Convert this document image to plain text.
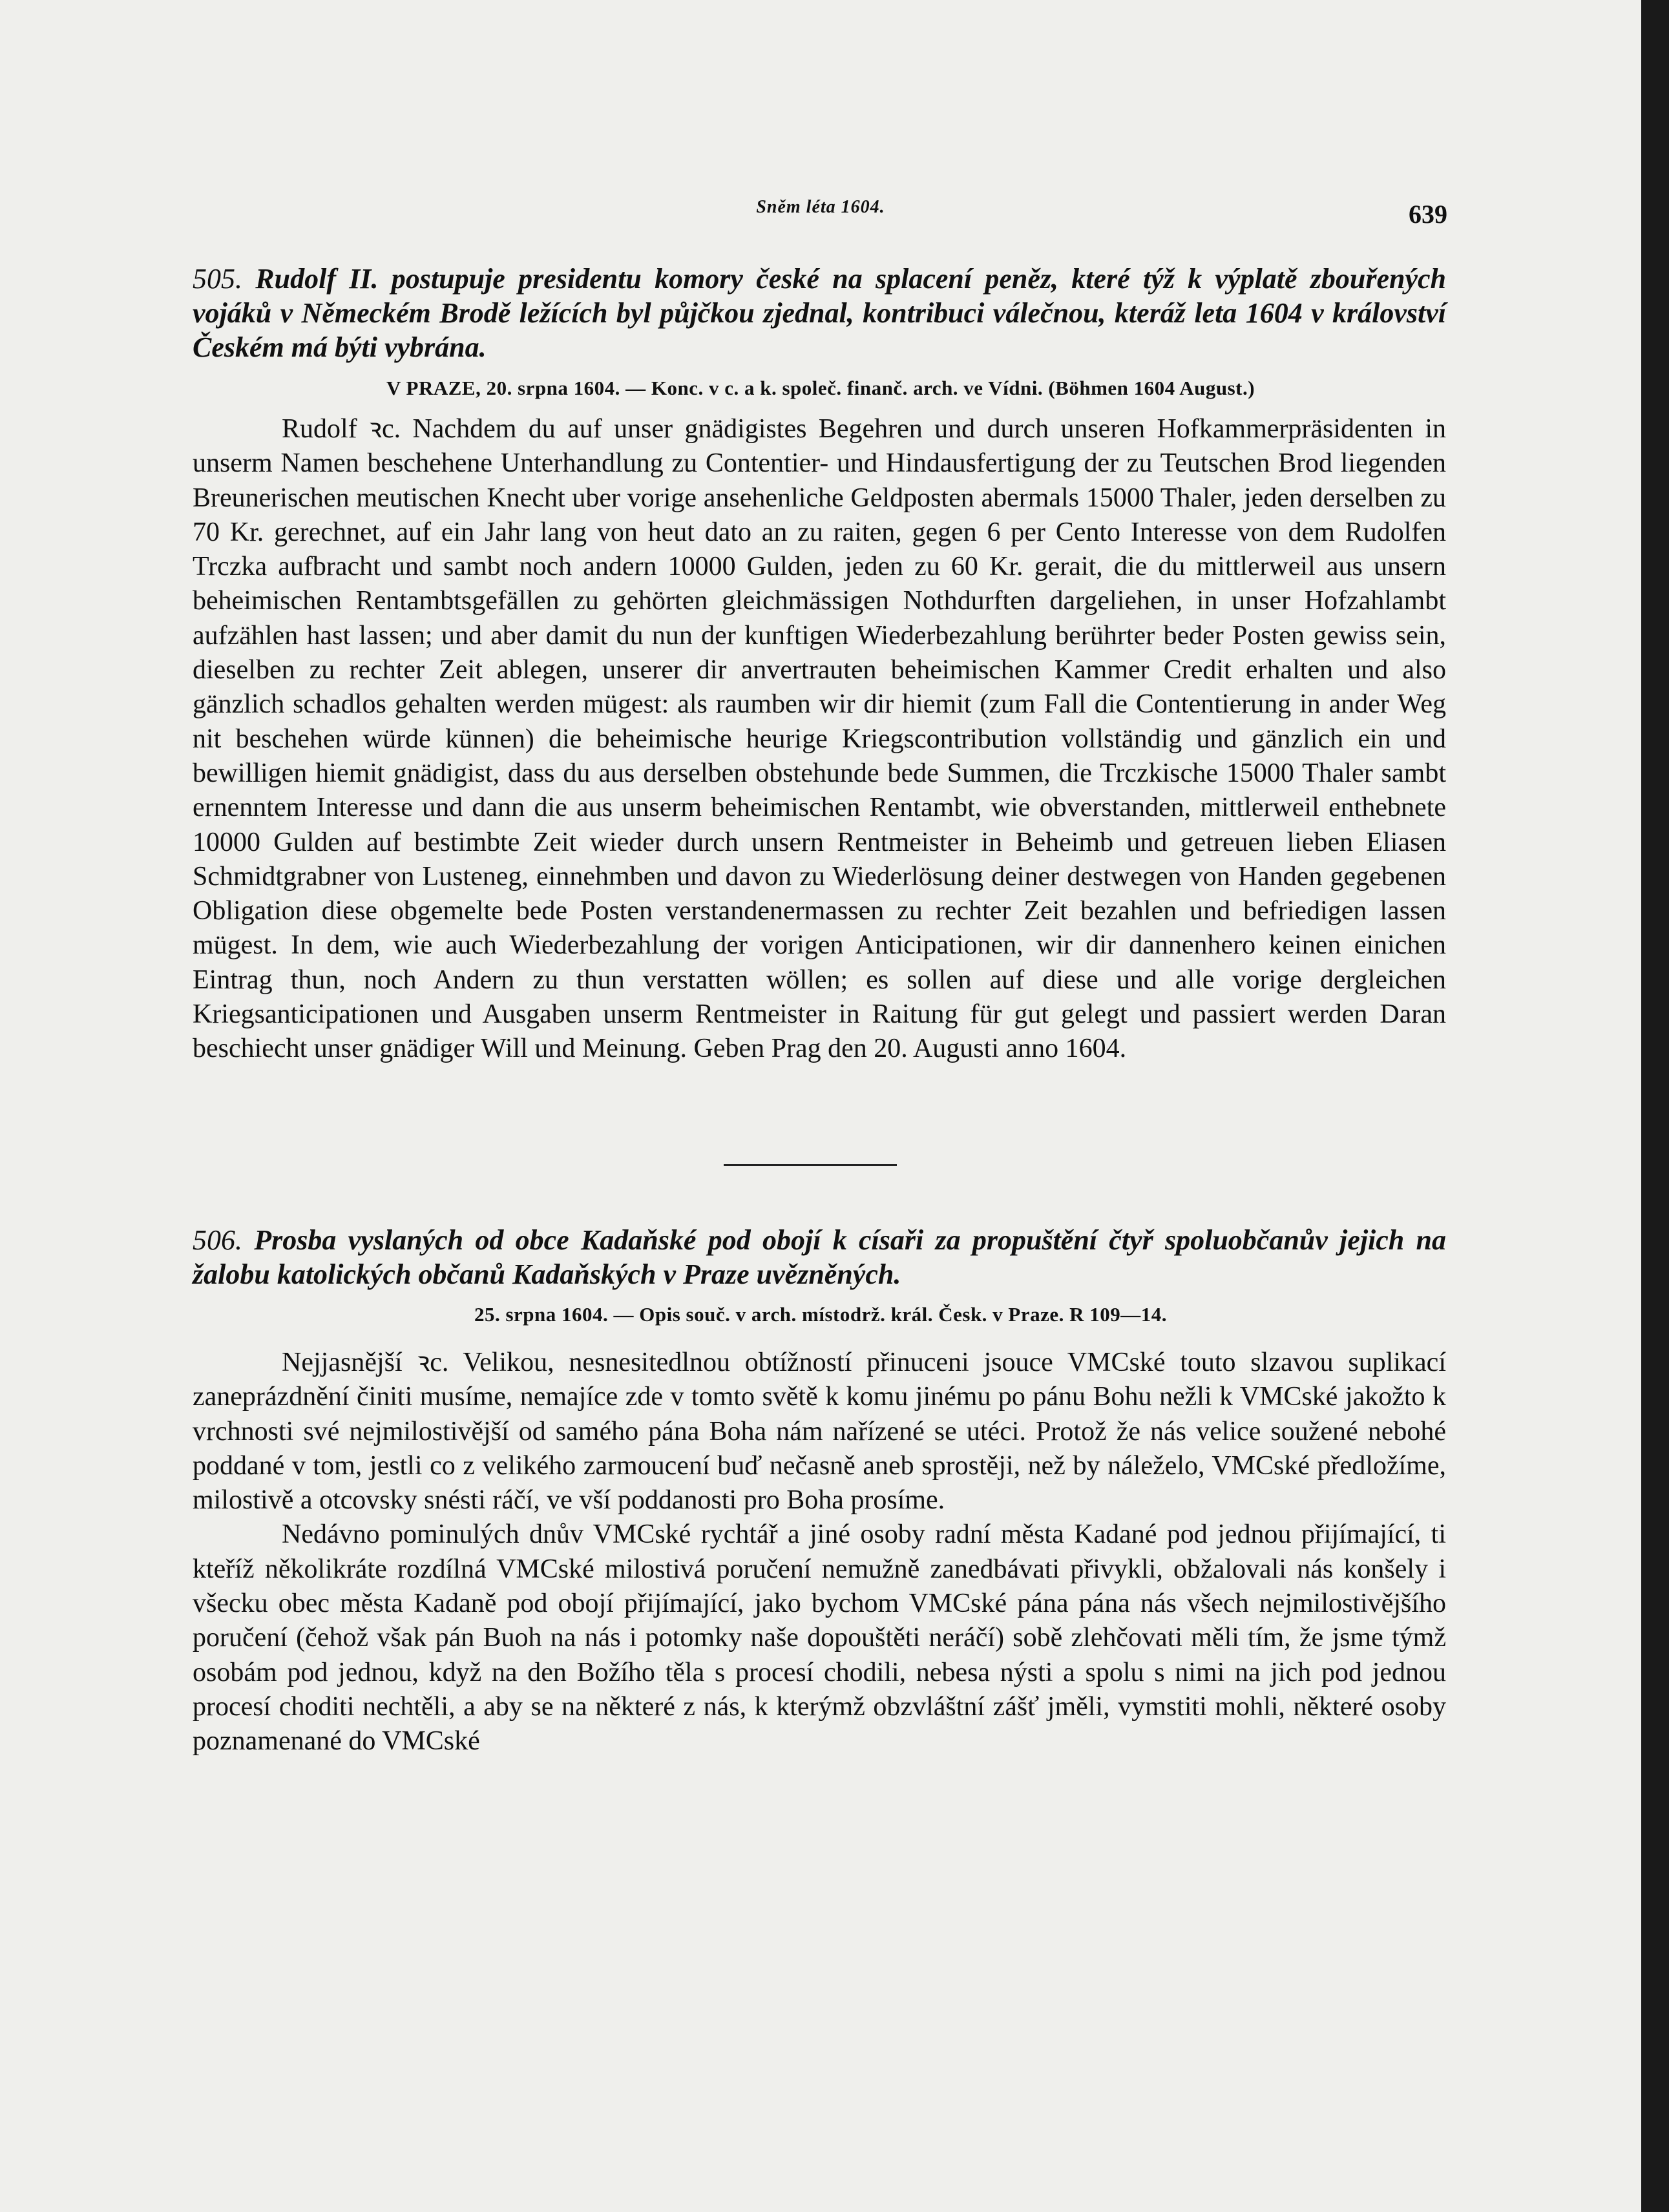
Sněm léta 1604.	639
505. Rudolf II. postupuje presidentu komory české na splacení peněz, které týž k výplatě zbouřených vojáků v Německém Brodě ležících byl půjčkou zjednal, kontribuci válečnou, kteráž leta 1604 v království Českém má býti vybrána.
V PRAZE, 20. srpna 1604. — Konc. v c. a k. společ. finanč. arch. ve Vídni. (Böhmen 1604 August.)

Rudolf ꝛc. Nachdem du auf unser gnädigistes Begehren und durch unseren Hofkammerpräsidenten in unserm Namen beschehene Unterhandlung zu Contentier- und Hindausfertigung der zu Teutschen Brod liegenden Breunerischen meutischen Knecht uber vorige ansehenliche Geldposten abermals 15000 Thaler, jeden derselben zu 70 Kr. gerechnet, auf ein Jahr lang von heut dato an zu raiten, gegen 6 per Cento Interesse von dem Rudolfen Trczka aufbracht und sambt noch andern 10000 Gulden, jeden zu 60 Kr. gerait, die du mittlerweil aus unsern beheimischen Rentambtsgefällen zu gehörten gleichmässigen Nothdurften dargeliehen, in unser Hofzahlambt aufzählen hast lassen; und aber damit du nun der kunftigen Wiederbezahlung berührter beder Posten gewiss sein, dieselben zu rechter Zeit ablegen, unserer dir anvertrauten beheimischen Kammer Credit erhalten und also gänzlich schadlos gehalten werden mügest: als raumben wir dir hiemit (zum Fall die Contentierung in ander Weg nit beschehen würde künnen) die beheimische heurige Kriegscontribution vollständig und gänzlich ein und bewilligen hiemit gnädigist, dass du aus derselben obstehunde bede Summen, die Trczkische 15000 Thaler sambt ernenntem Interesse und dann die aus unserm beheimischen Rentambt, wie obverstanden, mittlerweil enthebnete 10000 Gulden auf bestimbte Zeit wieder durch unsern Rentmeister in Beheimb und getreuen lieben Eliasen Schmidtgrabner von Lusteneg, einnehmben und davon zu Wiederlösung deiner destwegen von Handen gegebenen Obligation diese obgemelte bede Posten verstandenermassen zu rechter Zeit bezahlen und befriedigen lassen mügest. In dem, wie auch Wiederbezahlung der vorigen Anticipationen, wir dir dannenhero keinen einichen Eintrag thun, noch Andern zu thun verstatten wöllen; es sollen auf diese und alle vorige dergleichen Kriegsanticipationen und Ausgaben unserm Rentmeister in Raitung für gut gelegt und passiert werden Daran beschiecht unser gnädiger Will und Meinung. Geben Prag den 20. Augusti anno 1604.

506. Prosba vyslaných od obce Kadaňské pod obojí k císaři za propuštění čtyř spoluobčanův jejich na žalobu katolických občanů Kadaňských v Praze uvězněných.
25. srpna 1604. — Opis souč. v arch. místodrž. král. Česk. v Praze. R 109—14.

Nejjasnější ꝛc. Velikou, nesnesitedlnou obtížností přinuceni jsouce VMCské touto slzavou suplikací zaneprázdnění činiti musíme, nemajíce zde v tomto světě k komu jinému po pánu Bohu nežli k VMCské jakožto k vrchnosti své nejmilostivější od samého pána Boha nám nařízené se utéci. Protož že nás velice soužené nebohé poddané v tom, jestli co z velikého zarmoucení buď nečasně aneb sprostěji, než by náleželo, VMCské předložíme, milostivě a otcovsky snésti ráčí, ve vší poddanosti pro Boha prosíme.

Nedávno pominulých dnův VMCské rychtář a jiné osoby radní města Kadané pod jednou přijímající, ti kteříž několikráte rozdílná VMCské milostivá poručení nemužně zanedbávati přivykli, obžalovali nás konšely i všecku obec města Kadaně pod obojí přijímající, jako bychom VMCské pána pána nás všech nejmilostivějšího poručení (čehož však pán Buoh na nás i potomky naše dopouštěti neráčí) sobě zlehčovati měli tím, že jsme týmž osobám pod jednou, když na den Božího těla s procesí chodili, nebesa nýsti a spolu s nimi na jich pod jednou procesí choditi nechtěli, a aby se na některé z nás, k kterýmž obzvláštní zášť jměli, vymstiti mohli, některé osoby poznamenané do VMCské
